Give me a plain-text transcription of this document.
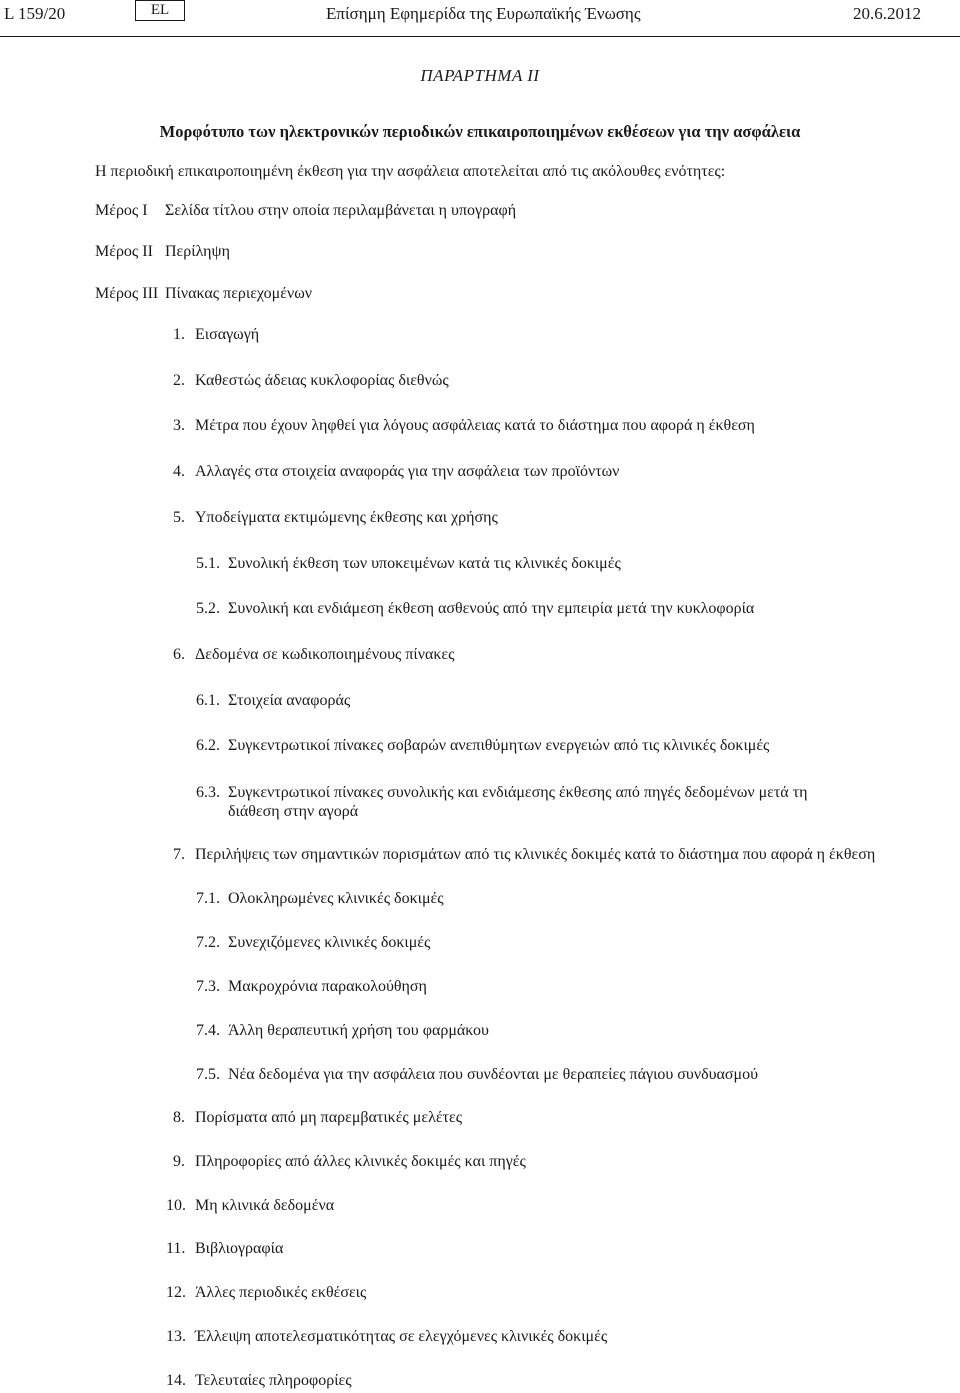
L 159/20	EL	Επίσημη Εφημερίδα της Ευρωπαϊκής Ένωσης	20.6.2012
ΠΑΡΑΡΤΗΜΑ II
Μορφότυπο των ηλεκτρονικών περιοδικών επικαιροποιημένων εκθέσεων για την ασφάλεια
Η περιοδική επικαιροποιημένη έκθεση για την ασφάλεια αποτελείται από τις ακόλουθες ενότητες:
Μέρος I Σελίδα τίτλου στην οποία περιλαμβάνεται η υπογραφή
Μέρος II Περίληψη
Μέρος III Πίνακας περιεχομένων
1. Εισαγωγή
2. Καθεστώς άδειας κυκλοφορίας διεθνώς
3. Μέτρα που έχουν ληφθεί για λόγους ασφάλειας κατά το διάστημα που αφορά η έκθεση
4. Αλλαγές στα στοιχεία αναφοράς για την ασφάλεια των προϊόντων
5. Υποδείγματα εκτιμώμενης έκθεσης και χρήσης
5.1. Συνολική έκθεση των υποκειμένων κατά τις κλινικές δοκιμές
5.2. Συνολική και ενδιάμεση έκθεση ασθενούς από την εμπειρία μετά την κυκλοφορία
6. Δεδομένα σε κωδικοποιημένους πίνακες
6.1. Στοιχεία αναφοράς
6.2. Συγκεντρωτικοί πίνακες σοβαρών ανεπιθύμητων ενεργειών από τις κλινικές δοκιμές
6.3. Συγκεντρωτικοί πίνακες συνολικής και ενδιάμεσης έκθεσης από πηγές δεδομένων μετά τη διάθεση στην αγορά
7. Περιλήψεις των σημαντικών πορισμάτων από τις κλινικές δοκιμές κατά το διάστημα που αφορά η έκθεση
7.1. Ολοκληρωμένες κλινικές δοκιμές
7.2. Συνεχιζόμενες κλινικές δοκιμές
7.3. Μακροχρόνια παρακολούθηση
7.4. Άλλη θεραπευτική χρήση του φαρμάκου
7.5. Νέα δεδομένα για την ασφάλεια που συνδέονται με θεραπείες πάγιου συνδυασμού
8. Πορίσματα από μη παρεμβατικές μελέτες
9. Πληροφορίες από άλλες κλινικές δοκιμές και πηγές
10. Μη κλινικά δεδομένα
11. Βιβλιογραφία
12. Άλλες περιοδικές εκθέσεις
13. Έλλειψη αποτελεσματικότητας σε ελεγχόμενες κλινικές δοκιμές
14. Τελευταίες πληροφορίες
